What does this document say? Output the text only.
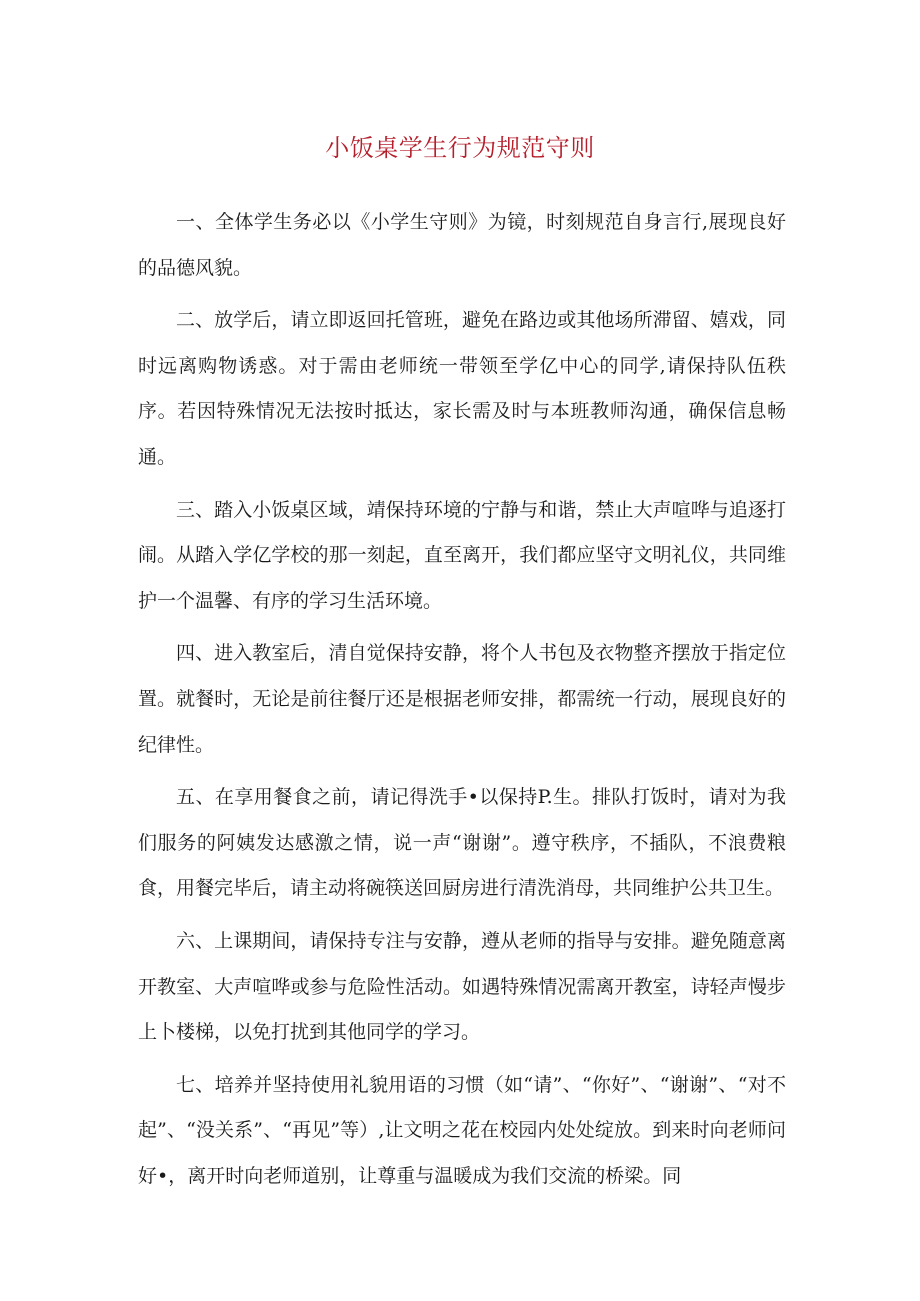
小饭桌学生行为规范守则

一、全体学生务必以《小学生守则》为镜，时刻规范自身言行,展现良好的品德风貌。

二、放学后，请立即返回托管班，避免在路边或其他场所滞留、嬉戏，同时远离购物诱惑。对于需由老师统一带领至学亿中心的同学,请保持队伍秩序。若因特殊情况无法按时抵达，家长需及时与本班教师沟通，确保信息畅通。

三、踏入小饭桌区域，靖保持环境的宁静与和谐，禁止大声喧哗与追逐打闹。从踏入学亿学校的那一刻起，直至离开，我们都应坚守文明礼仪，共同维护一个温馨、有序的学习生活环境。

四、进入教室后，清自觉保持安静，将个人书包及衣物整齐摆放于指定位置。就餐时，无论是前往餐厅还是根据老师安排，都需统一行动，展现良好的纪律性。

五、在享用餐食之前，请记得洗手•以保持P.生。排队打饭时，请对为我们服务的阿姨发达感激之情，说一声“谢谢”。遵守秩序，不插队，不浪费粮食，用餐完毕后，请主动将碗筷送回厨房进行清洗消母，共同维护公共卫生。

六、上课期间，请保持专注与安静，遵从老师的指导与安排。避免随意离开教室、大声喧哗或参与危险性活动。如遇特殊情况需离开教室，诗轻声慢步上卜楼梯，以免打扰到其他同学的学习。

七、培养并坚持使用礼貌用语的习惯（如“请”、“你好”、“谢谢”、“对不起”、“没关系”、“再见”等）,让文明之花在校园内处处绽放。到来时向老师问好•，离开时向老师道别，让尊重与温暖成为我们交流的桥梁。同
